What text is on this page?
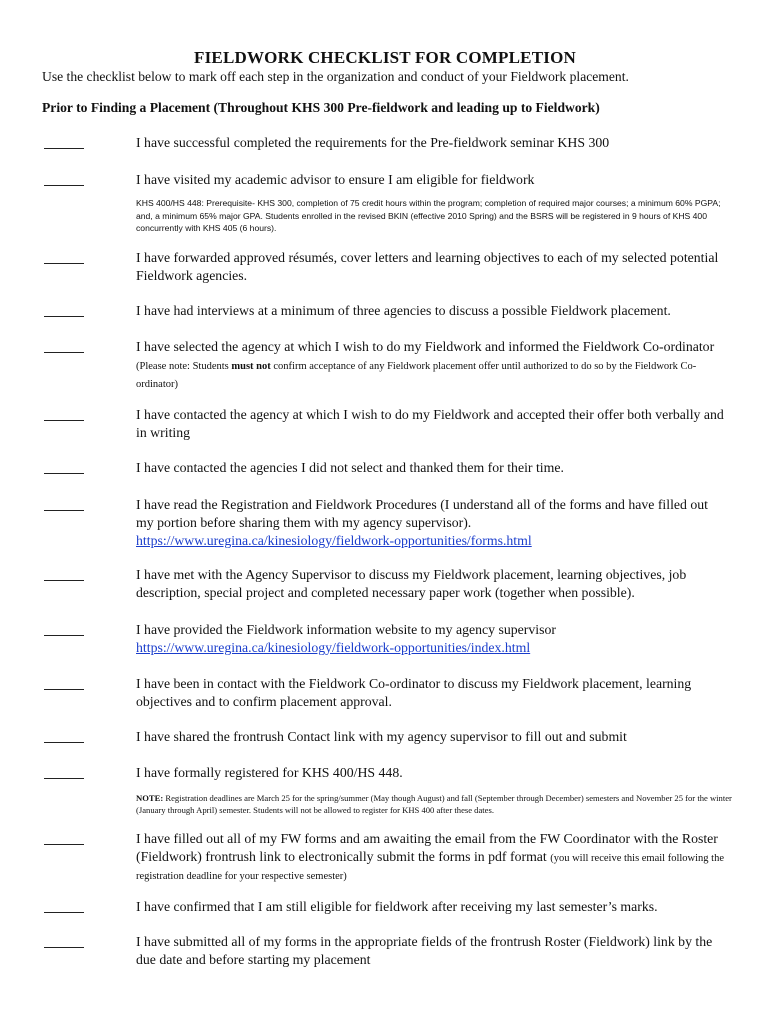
FIELDWORK CHECKLIST FOR COMPLETION
Use the checklist below to mark off each step in the organization and conduct of your Fieldwork placement.
Prior to Finding a Placement (Throughout KHS 300 Pre-fieldwork and leading up to Fieldwork)
I have successful completed the requirements for the Pre-fieldwork seminar KHS 300
I have visited my academic advisor to ensure I am eligible for fieldwork
KHS 400/HS 448: Prerequisite- KHS 300, completion of 75 credit hours within the program; completion of required major courses; a minimum 60% PGPA; and, a minimum 65% major GPA. Students enrolled in the revised BKIN (effective 2010 Spring) and the BSRS will be registered in 9 hours of KHS 400 concurrently with KHS 405 (6 hours).
I have forwarded approved résumés, cover letters and learning objectives to each of my selected potential Fieldwork agencies.
I have had interviews at a minimum of three agencies to discuss a possible Fieldwork placement.
I have selected the agency at which I wish to do my Fieldwork and informed the Fieldwork Co-ordinator (Please note: Students must not confirm acceptance of any Fieldwork placement offer until authorized to do so by the Fieldwork Co-ordinator)
I have contacted the agency at which I wish to do my Fieldwork and accepted their offer both verbally and in writing
I have contacted the agencies I did not select and thanked them for their time.
I have read the Registration and Fieldwork Procedures (I understand all of the forms and have filled out my portion before sharing them with my agency supervisor).
https://www.uregina.ca/kinesiology/fieldwork-opportunities/forms.html
I have met with the Agency Supervisor to discuss my Fieldwork placement, learning objectives, job description, special project and completed necessary paper work (together when possible).
I have provided the Fieldwork information website to my agency supervisor
https://www.uregina.ca/kinesiology/fieldwork-opportunities/index.html
I have been in contact with the Fieldwork Co-ordinator to discuss my Fieldwork placement, learning objectives and to confirm placement approval.
I have shared the frontrush Contact link with my agency supervisor to fill out and submit
I have formally registered for KHS 400/HS 448.
NOTE: Registration deadlines are March 25 for the spring/summer (May though August) and fall (September through December) semesters and November 25 for the winter (January through April) semester. Students will not be allowed to register for KHS 400 after these dates.
I have filled out all of my FW forms and am awaiting the email from the FW Coordinator with the Roster (Fieldwork) frontrush link to electronically submit the forms in pdf format (you will receive this email following the registration deadline for your respective semester)
I have confirmed that I am still eligible for fieldwork after receiving my last semester’s marks.
I have submitted all of my forms in the appropriate fields of the frontrush Roster (Fieldwork) link by the due date and before starting my placement
